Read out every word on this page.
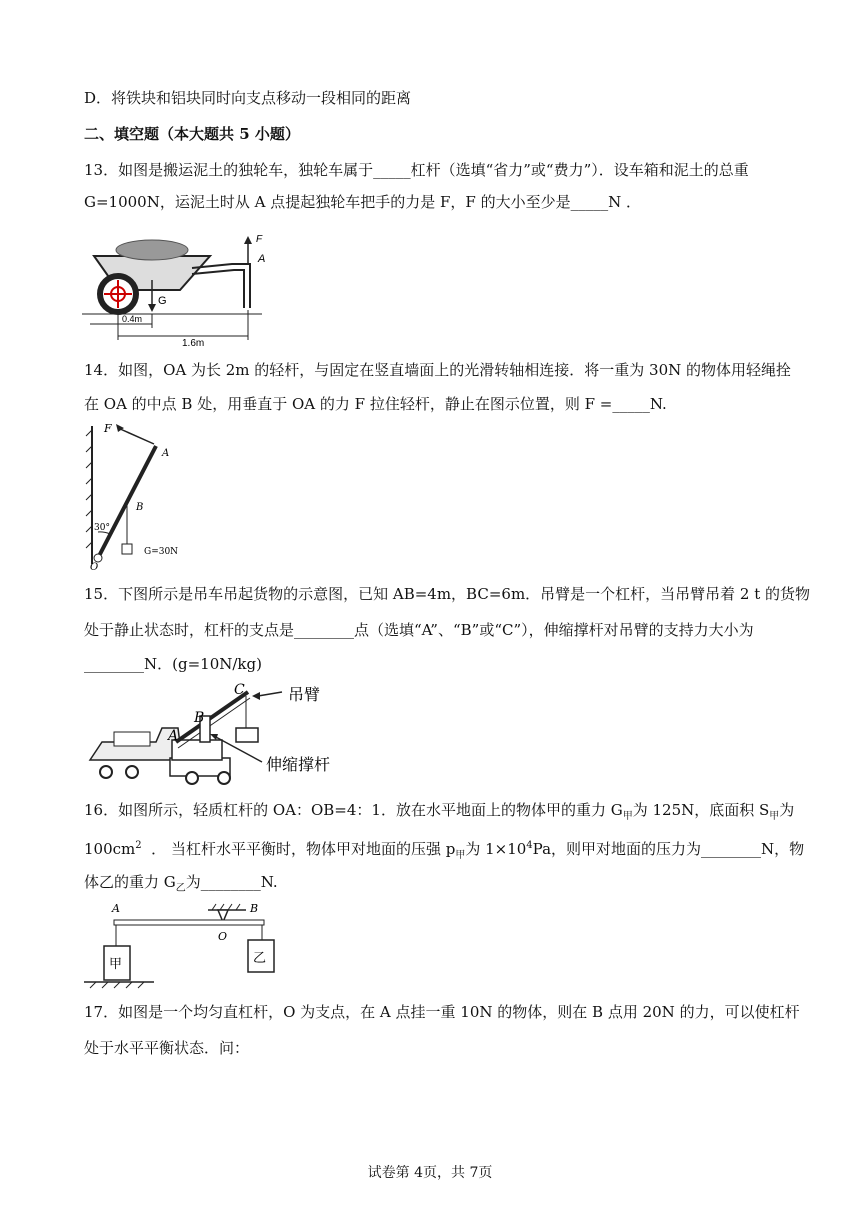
D．将铁块和铝块同时向支点移动一段相同的距离
二、填空题（本大题共 5 小题）
13．如图是搬运泥土的独轮车，独轮车属于_____杠杆（选填“省力”或“费力”）．设车箱和泥土的总重
G=1000N，运泥土时从 A 点提起独轮车把手的力是 F，F 的大小至少是_____N ．
F
A
G
0.4m
1.6m
14．如图，OA 为长 2m 的轻杆，与固定在竖直墙面上的光滑转轴相连接．将一重为 30N 的物体用轻绳拴
在 OA 的中点 B 处，用垂直于 OA 的力 F 拉住轻杆，静止在图示位置，则 F =_____N.
F
A
B
O
30°
G=30N
15．下图所示是吊车吊起货物的示意图，已知 AB=4m，BC=6m．吊臂是一个杠杆，当吊臂吊着 2 t 的货物
处于静止状态时，杠杆的支点是________点（选填“A”、“B”或“C”），伸缩撑杆对吊臂的支持力大小为
________N．(g=10N/kg)
A
B
C	吊臂
伸缩撑杆
16．如图所示，轻质杠杆的 OA：OB=4：1．放在水平地面上的物体甲的重力 $G_甲$为 125N，底面积 $S_甲$为
$100cm^2$  ． 当杠杆水平平衡时，物体甲对地面的压强 $p_甲$为 $1\times 10^4Pa$，则甲对地面的压力为________N，物
体乙的重力 $G_乙$为________N.
A	B
O
甲	乙
17．如图是一个均匀直杠杆，O 为支点，在 A 点挂一重 10N 的物体，则在 B 点用 20N 的力，可以使杠杆
处于水平平衡状态．问：
试卷第 4页，共 7页
